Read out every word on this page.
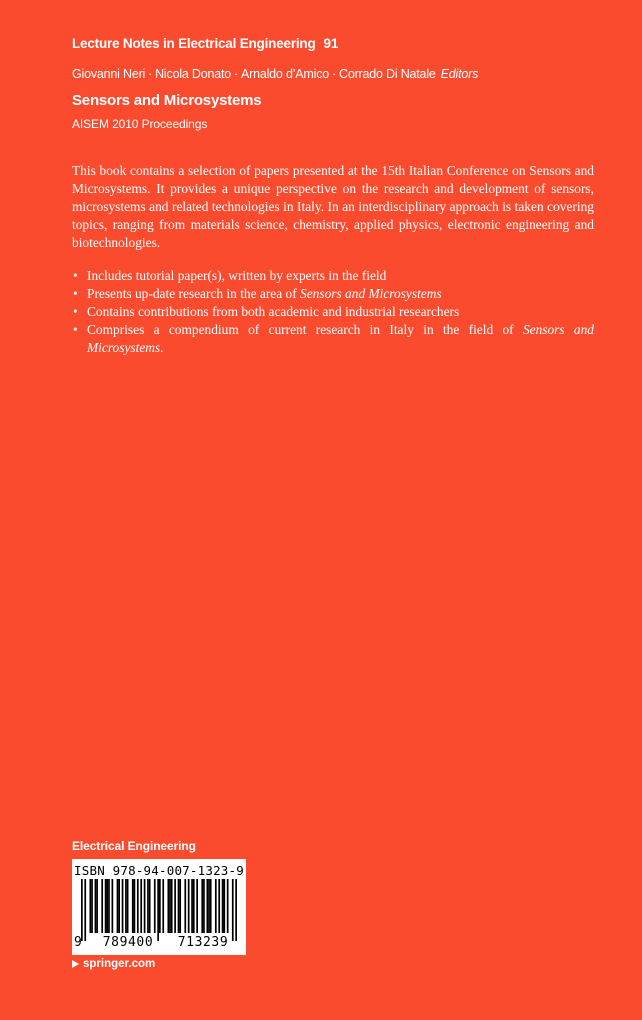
Lecture Notes in Electrical Engineering 91
Giovanni Neri · Nicola Donato · Arnaldo d’Amico · Corrado Di Natale Editors
Sensors and Microsystems
AISEM 2010 Proceedings

This book contains a selection of papers presented at the 15th Italian Conference on Sensors and Microsystems. It provides a unique perspective on the research and development of sensors, microsystems and related technologies in Italy. In an interdisciplinary approach is taken covering topics, ranging from materials science, chemistry, applied physics, electronic engineering and biotechnologies.

• Includes tutorial paper(s), written by experts in the field
• Presents up-date research in the area of Sensors and Microsystems
• Contains contributions from both academic and industrial researchers
• Comprises a compendium of current research in Italy in the field of Sensors and Microsystems.
Electrical Engineering
ISBN 978-94-007-1323-9
9	789400	713239
springer.com
